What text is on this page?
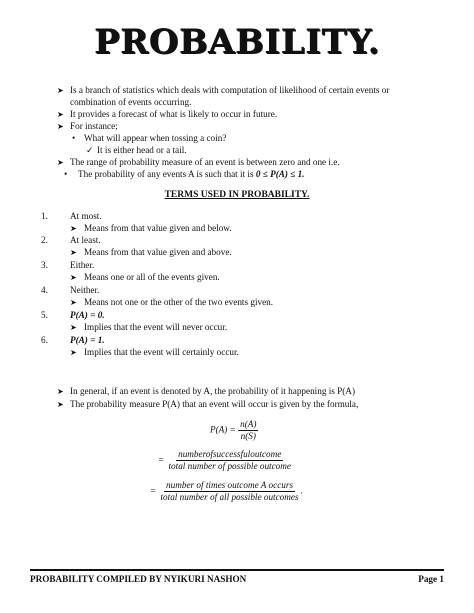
PROBABILITY.
➤ Is a branch of statistics which deals with computation of likelihood of certain events or
combination of events occurring.
➤ It provides a forecast of what is likely to occur in future.
➤ For instance;
• What will appear when tossing a coin?
✓ It is either head or a tail.
➤ The range of probability measure of an event is between zero and one i.e.
• The probability of any events A is such that it is 0 ≤ P(A) ≤ 1.
TERMS USED IN PROBABILITY.
1. At most.
➤ Means from that value given and below.
2. At least.
➤ Means from that value given and above.
3. Either.
➤ Means one or all of the events given.
4. Neither.
➤ Means not one or the other of the two events given.
5. P(A) = 0.
➤ Implies that the event will never occur.
6. P(A) = 1.
➤ Implies that the event will certainly occur.
➤ In general, if an event is denoted by A, the probability of it happening is P(A)
➤ The probability measure P(A) that an event will occur is given by the formula,
$P(A) = \frac{n(A)}{n(S)}$
= $\frac{\text{numberofsuccessfuloutcome}}{\text{total number of possible outcome}}$
= $\frac{\text{number of times outcome A occurs}}{\text{total number of all possible outcomes}}$ .
PROBABILITY COMPILED BY NYIKURI NASHON	Page 1
